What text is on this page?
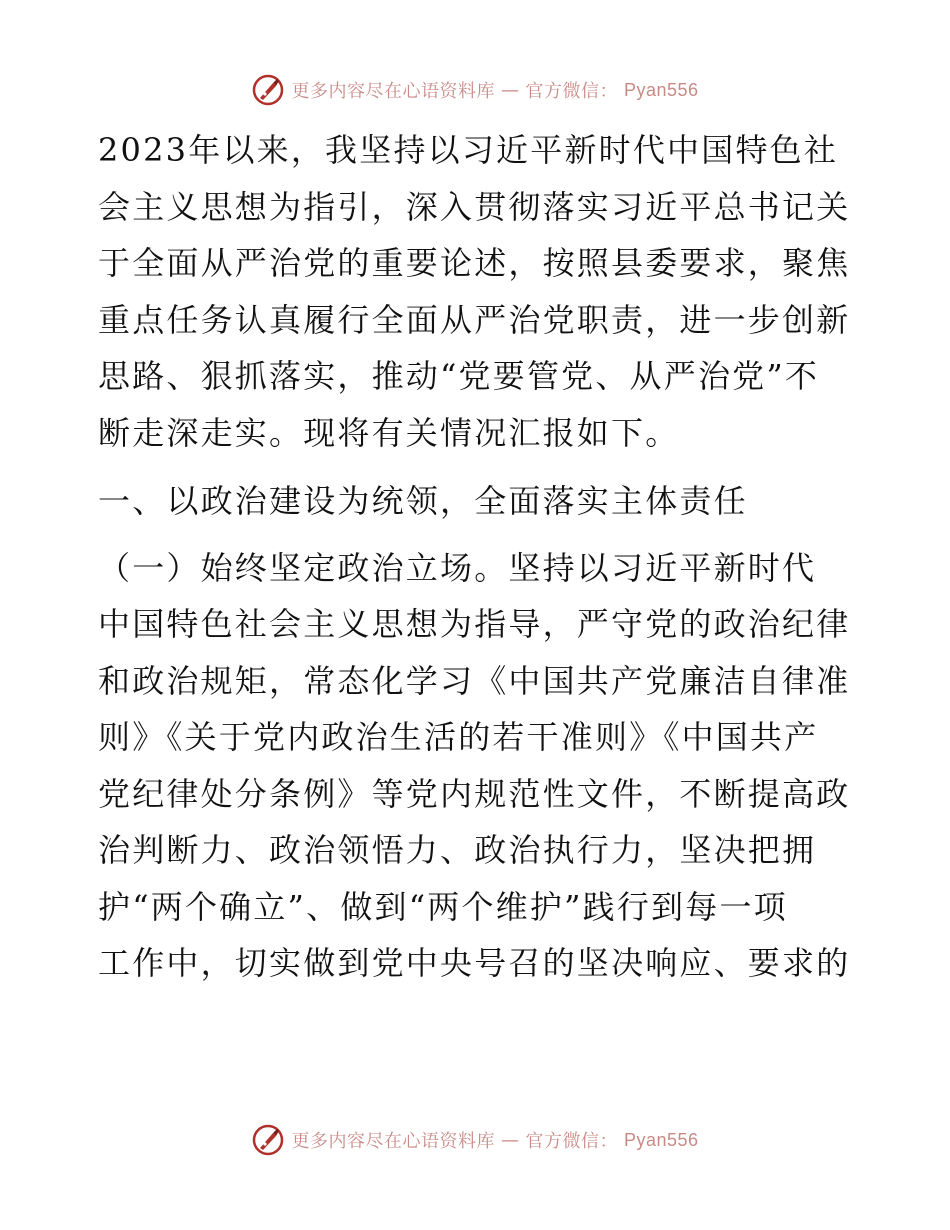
更多内容尽在心语资料库 — 官方微信： Pyan556

2023年以来，我坚持以习近平新时代中国特色社
会主义思想为指引，深入贯彻落实习近平总书记关
于全面从严治党的重要论述，按照县委要求，聚焦
重点任务认真履行全面从严治党职责，进一步创新
思路、狠抓落实，推动“党要管党、从严治党”不
断走深走实。现将有关情况汇报如下。

一、以政治建设为统领，全面落实主体责任

（一）始终坚定政治立场。坚持以习近平新时代
中国特色社会主义思想为指导，严守党的政治纪律
和政治规矩，常态化学习《中国共产党廉洁自律准
则》《关于党内政治生活的若干准则》《中国共产
党纪律处分条例》等党内规范性文件，不断提高政
治判断力、政治领悟力、政治执行力，坚决把拥
护“两个确立”、做到“两个维护”践行到每一项
工作中，切实做到党中央号召的坚决响应、要求的

更多内容尽在心语资料库 — 官方微信： Pyan556
